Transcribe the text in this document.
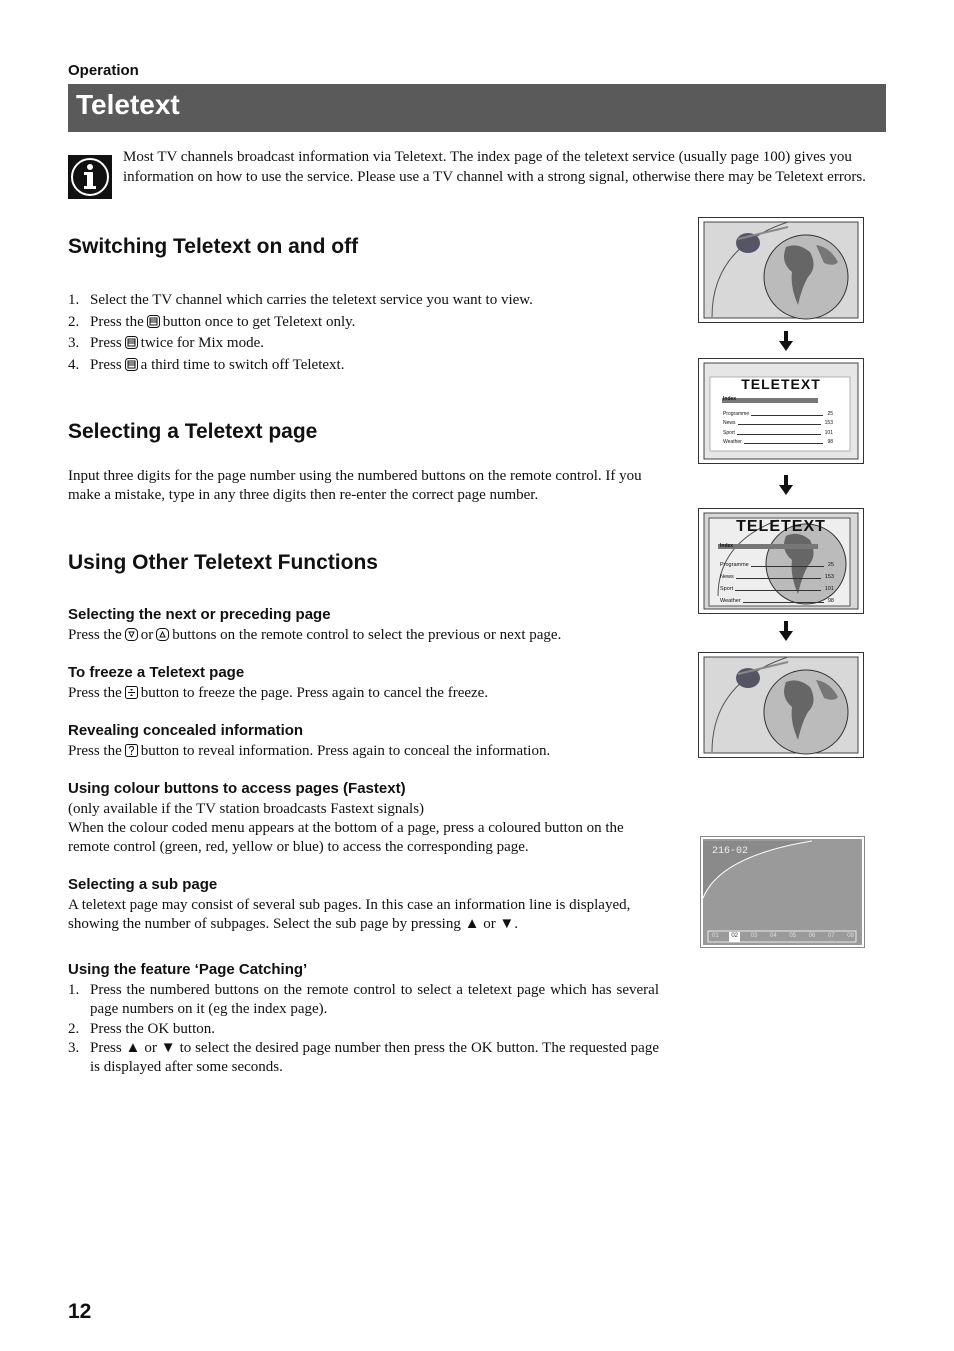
Operation
Teletext
Most TV channels broadcast information via Teletext. The index page of the teletext service (usually page 100) gives you information on how to use the service. Please use a TV channel with a strong signal, otherwise there may be Teletext errors.
Switching Teletext on and off
1. Select the TV channel which carries the teletext service you want to view.
2. Press the button once to get Teletext only.
3. Press twice for Mix mode.
4. Press a third time to switch off Teletext.
Selecting a Teletext page
Input three digits for the page number using the numbered buttons on the remote control. If you make a mistake, type in any three digits then re-enter the correct page number.
Using Other Teletext Functions
Selecting the next or preceding page
Press the or buttons on the remote control to select the previous or next page.
To freeze a Teletext page
Press the button to freeze the page. Press again to cancel the freeze.
Revealing concealed information
Press the button to reveal information. Press again to conceal the information.
Using colour buttons to access pages (Fastext)
(only available if the TV station broadcasts Fastext signals)
When the colour coded menu appears at the bottom of a page, press a coloured button on the remote control (green, red, yellow or blue) to access the corresponding page.
Selecting a sub page
A teletext page may consist of several sub pages. In this case an information line is displayed, showing the number of subpages. Select the sub page by pressing ▲ or ▼.
Using the feature ‘Page Catching’
1. Press the numbered buttons on the remote control to select a teletext page which has several page numbers on it (eg the index page).
2. Press the OK button.
3. Press ▲ or ▼ to select the desired page number then press the OK button. The requested page is displayed after some seconds.
12
TELETEXT
Index
Programme	25
News	153
Sport	101
Weather	98
TELETEXT
Index
Programme	25
News	153
Sport	101
Weather	98
216-02
01	02	03	04	05	06	07	08
